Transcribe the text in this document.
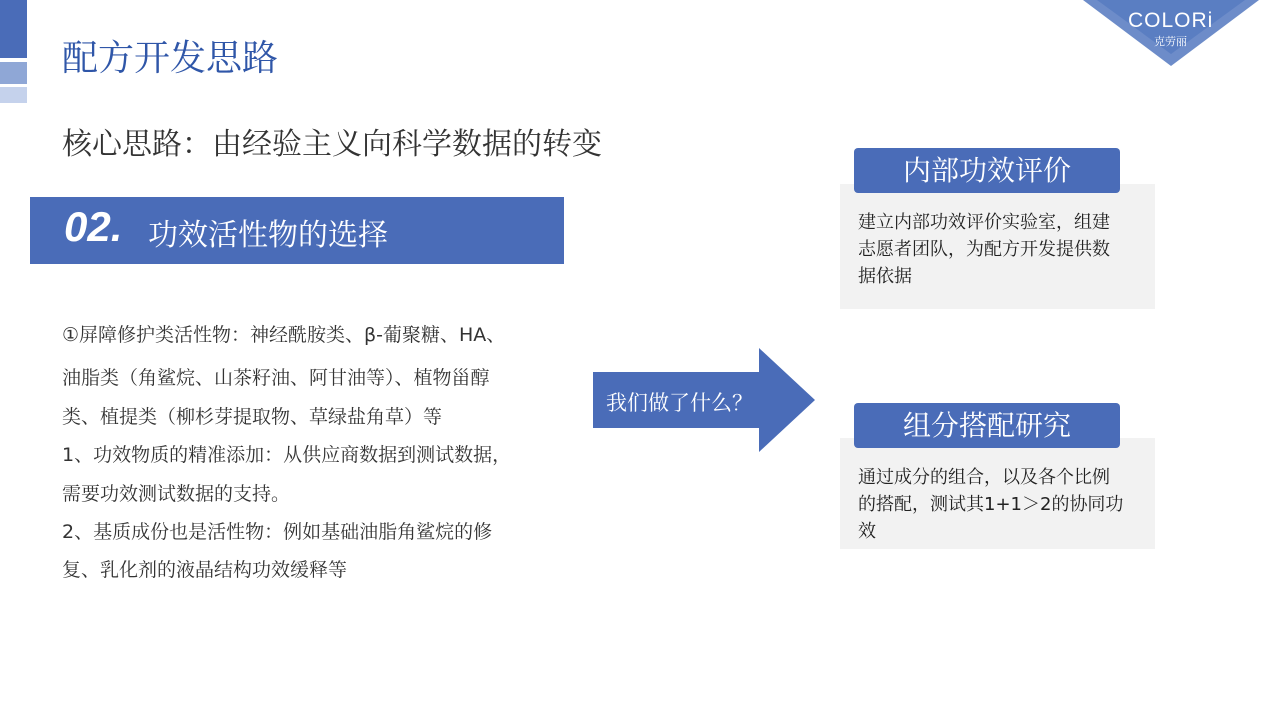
COLORi
克劳丽
配方开发思路
核心思路：由经验主义向科学数据的转变
02. 功效活性物的选择
①屏障修护类活性物：神经酰胺类、β-葡聚糖、HA、
油脂类（角鲨烷、山茶籽油、阿甘油等）、植物甾醇
类、植提类（柳杉芽提取物、草绿盐角草）等
1、功效物质的精准添加：从供应商数据到测试数据，
需要功效测试数据的支持。
2、基质成份也是活性物：例如基础油脂角鲨烷的修
复、乳化剂的液晶结构功效缓释等
我们做了什么？
内部功效评价
建立内部功效评价实验室，组建
志愿者团队，为配方开发提供数
据依据
组分搭配研究
通过成分的组合，以及各个比例
的搭配，测试其1+1＞2的协同功
效
